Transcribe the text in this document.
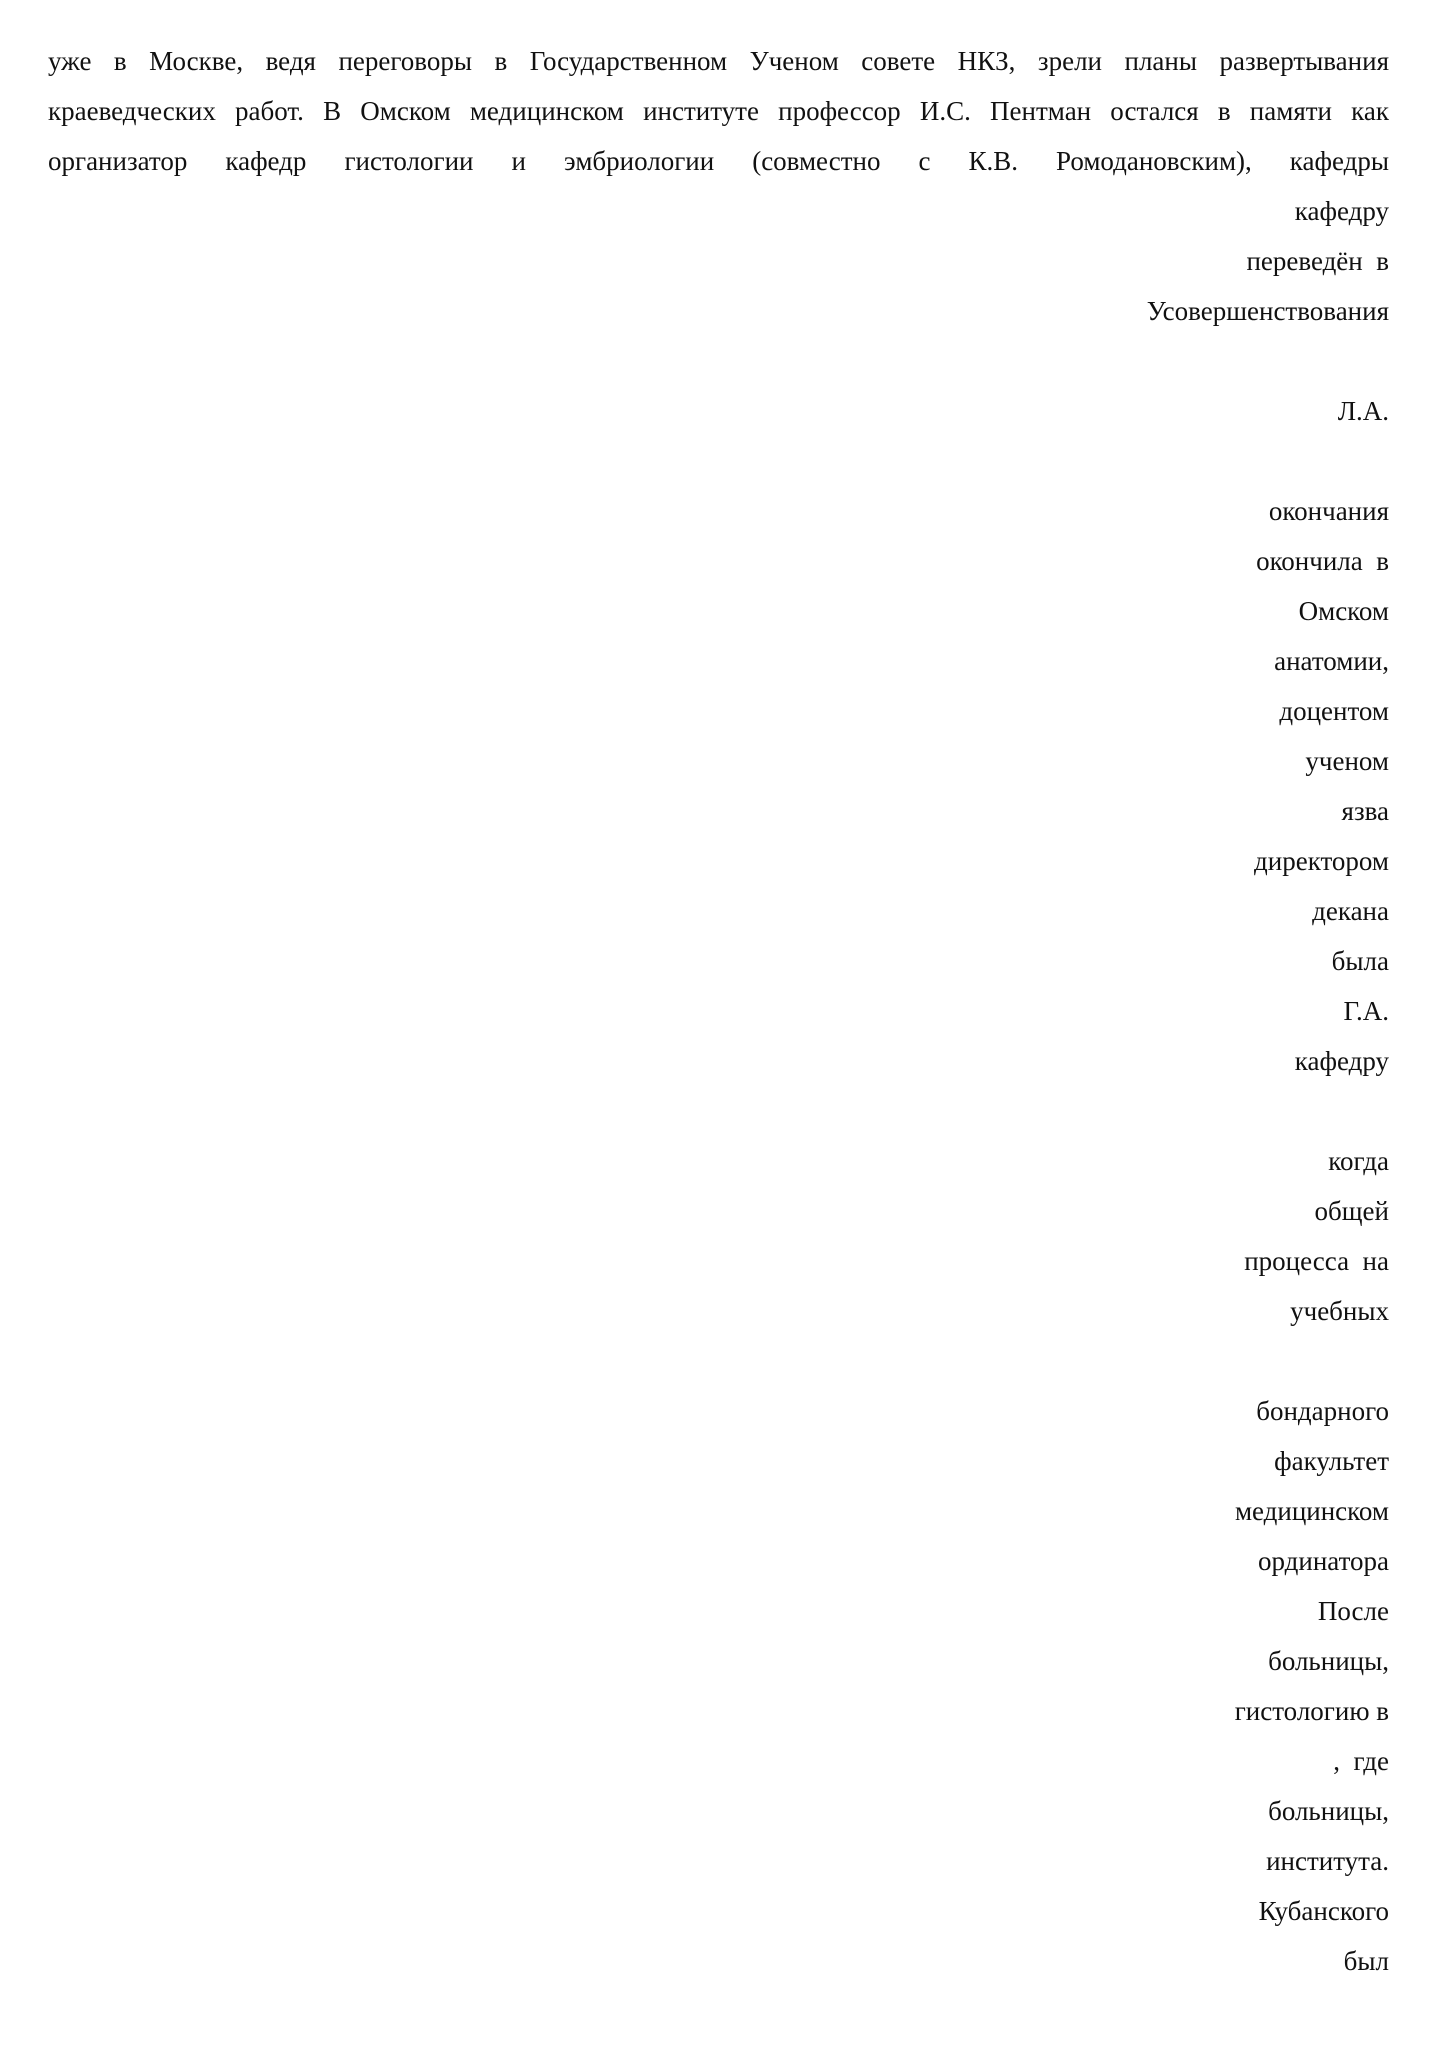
уже в Москве, ведя переговоры в Государственном Ученом совете НКЗ, зрели планы развертывания
краеведческих работ. В Омском медицинском институте профессор И.С. Пентман остался в памяти как
организатор кафедр гистологии и эмбриологии (совместно с К.В. Ромодановским), кафедры
кафедру
переведён  в
Усовершенствования
Л.А.
окончания
окончила  в
Омском
анатомии,
доцентом
ученом
язва
директором
декана
была
Г.А.
кафедру
когда
общей
процесса  на
учебных
бондарного
факультет
медицинском
ординатора
После
больницы,
гистологию в
,  где
больницы,
института.
Кубанского
был
